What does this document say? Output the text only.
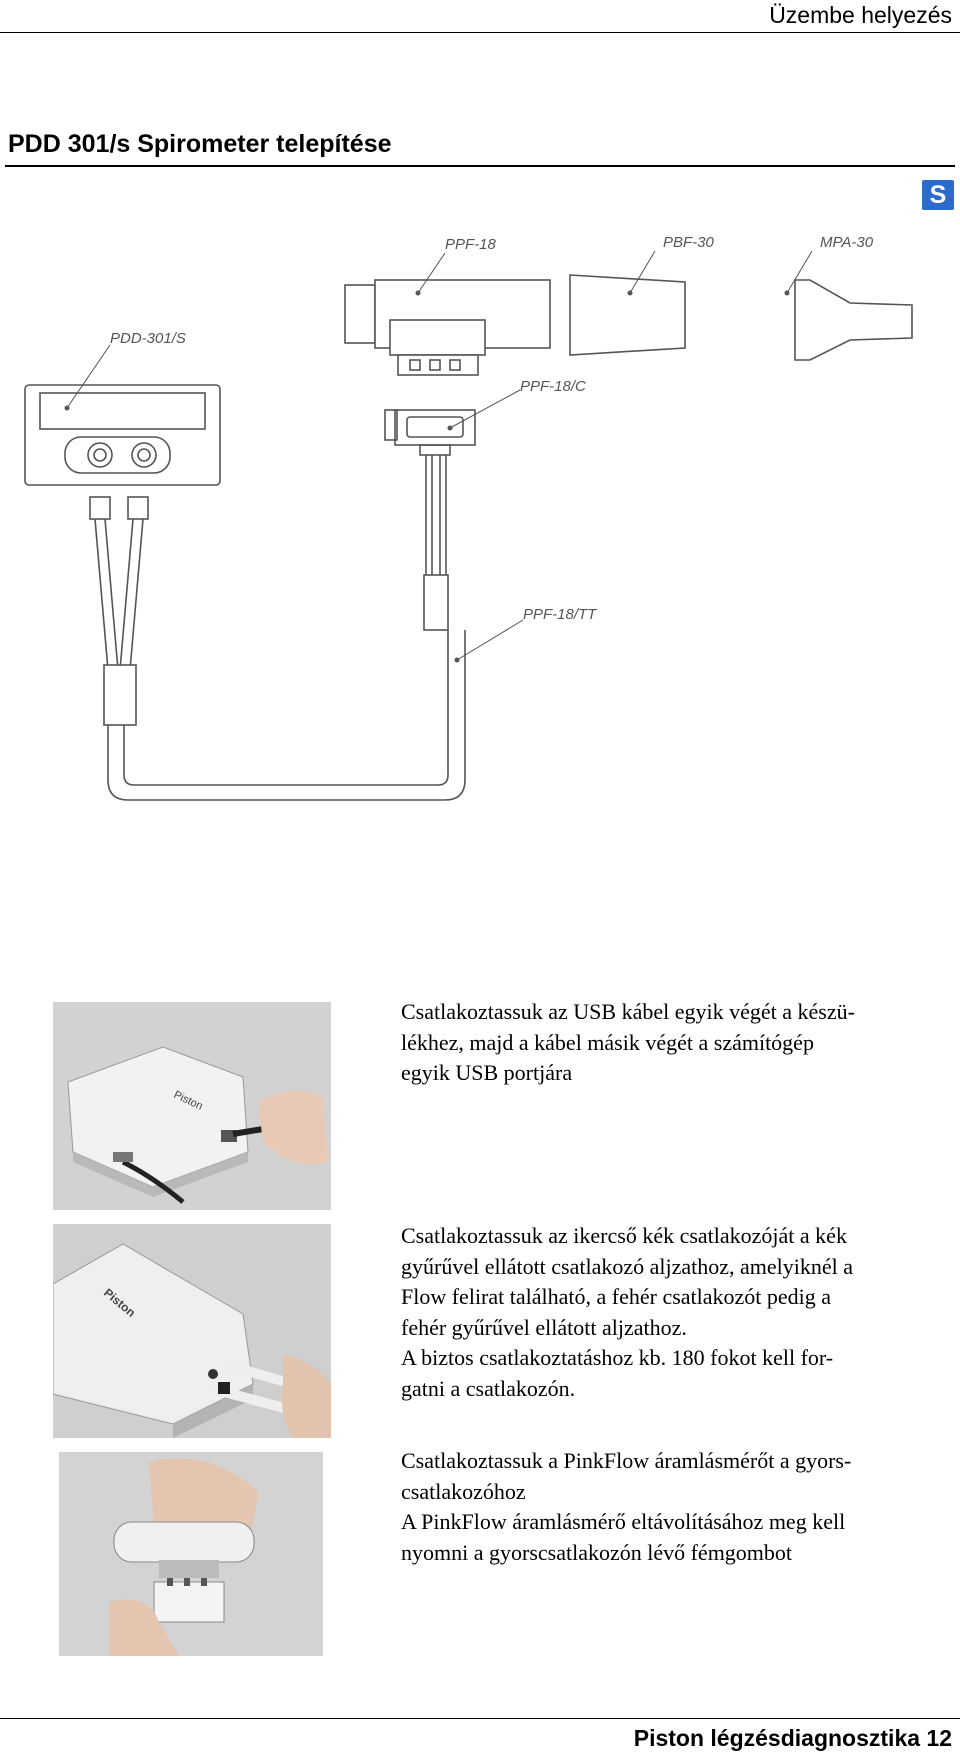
Üzembe helyezés
PDD 301/s Spirometer telepítése
S
PPF-18	PBF-30	MPA-30
PDD-301/S
PPF-18/C
PPF-18/TT
Piston
Piston

Csatlakoztassuk az USB kábel egyik végét a készü-
lékhez, majd a kábel másik végét a számítógép
egyik USB portjára

Csatlakoztassuk az ikercső kék csatlakozóját a kék
gyűrűvel ellátott csatlakozó aljzathoz, amelyiknél a
Flow felirat található, a fehér csatlakozót pedig a
fehér gyűrűvel ellátott aljzathoz.
A biztos csatlakoztatáshoz kb. 180 fokot kell for-
gatni a csatlakozón.

Csatlakoztassuk a PinkFlow áramlásmérőt a gyors-
csatlakozóhoz
A PinkFlow áramlásmérő eltávolításához meg kell
nyomni a gyorscsatlakozón lévő fémgombot

Piston légzésdiagnosztika 12
